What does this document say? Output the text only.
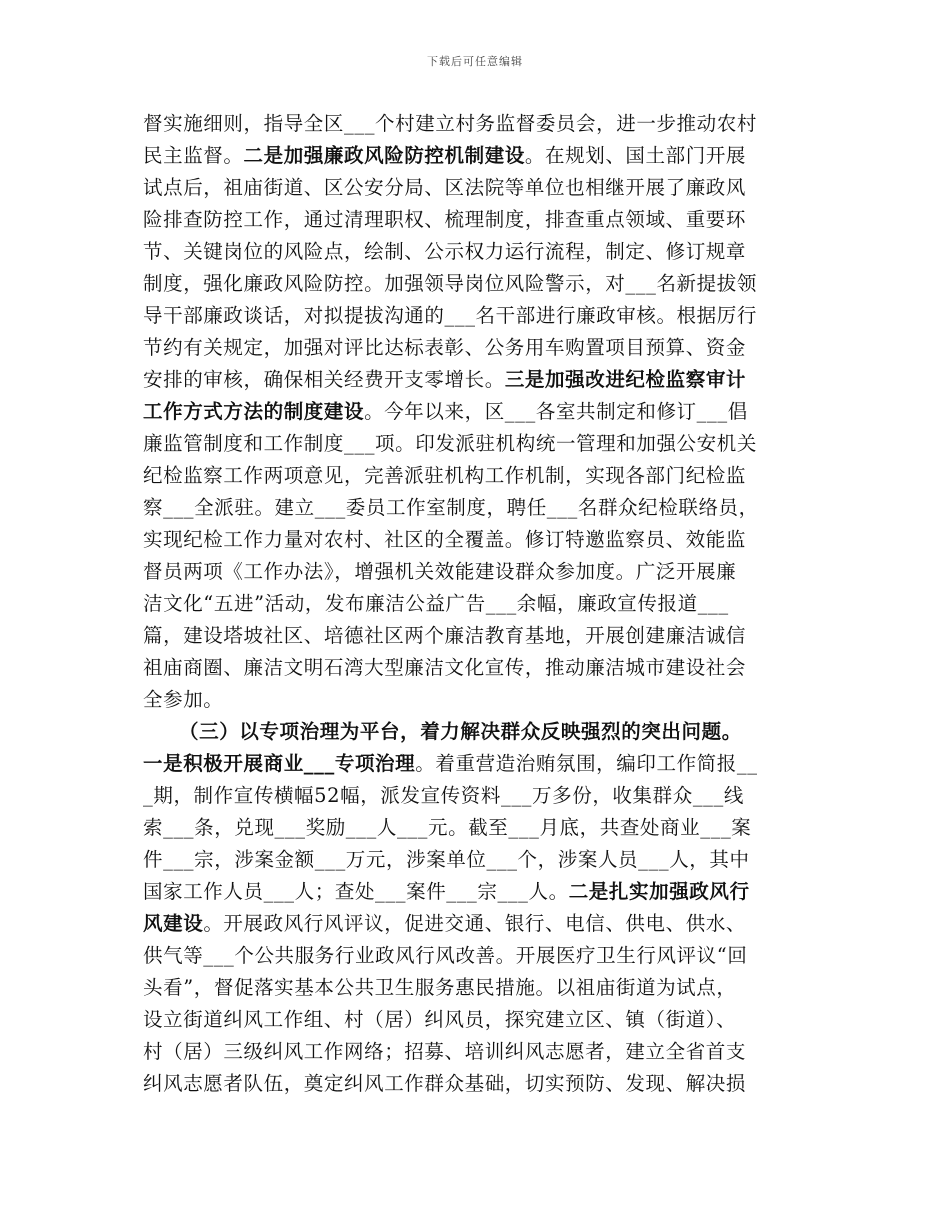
下载后可任意编辑
督实施细则，指导全区___个村建立村务监督委员会，进一步推动农村
民主监督。二是加强廉政风险防控机制建设。在规划、国土部门开展
试点后，祖庙街道、区公安分局、区法院等单位也相继开展了廉政风
险排查防控工作，通过清理职权、梳理制度，排查重点领域、重要环
节、关键岗位的风险点，绘制、公示权力运行流程，制定、修订规章
制度，强化廉政风险防控。加强领导岗位风险警示，对___名新提拔领
导干部廉政谈话，对拟提拔沟通的___名干部进行廉政审核。根据厉行
节约有关规定，加强对评比达标表彰、公务用车购置项目预算、资金
安排的审核，确保相关经费开支零增长。三是加强改进纪检监察审计
工作方式方法的制度建设。今年以来，区___各室共制定和修订___倡
廉监管制度和工作制度___项。印发派驻机构统一管理和加强公安机关
纪检监察工作两项意见，完善派驻机构工作机制，实现各部门纪检监
察___全派驻。建立___委员工作室制度，聘任___名群众纪检联络员，
实现纪检工作力量对农村、社区的全覆盖。修订特邀监察员、效能监
督员两项《工作办法》，增强机关效能建设群众参加度。广泛开展廉
洁文化“五进”活动，发布廉洁公益广告___余幅，廉政宣传报道___
篇，建设塔坡社区、培德社区两个廉洁教育基地，开展创建廉洁诚信
祖庙商圈、廉洁文明石湾大型廉洁文化宣传，推动廉洁城市建设社会
全参加。
（三）以专项治理为平台，着力解决群众反映强烈的突出问题。
一是积极开展商业___专项治理。着重营造治贿氛围，编印工作简报__
_期，制作宣传横幅52幅，派发宣传资料___万多份，收集群众___线
索___条，兑现___奖励___人___元。截至___月底，共查处商业___案
件___宗，涉案金额___万元，涉案单位___个，涉案人员___人，其中
国家工作人员___人；查处___案件___宗___人。二是扎实加强政风行
风建设。开展政风行风评议，促进交通、银行、电信、供电、供水、
供气等___个公共服务行业政风行风改善。开展医疗卫生行风评议“回
头看”，督促落实基本公共卫生服务惠民措施。以祖庙街道为试点，
设立街道纠风工作组、村（居）纠风员，探究建立区、镇（街道）、
村（居）三级纠风工作网络；招募、培训纠风志愿者，建立全省首支
纠风志愿者队伍，奠定纠风工作群众基础，切实预防、发现、解决损
